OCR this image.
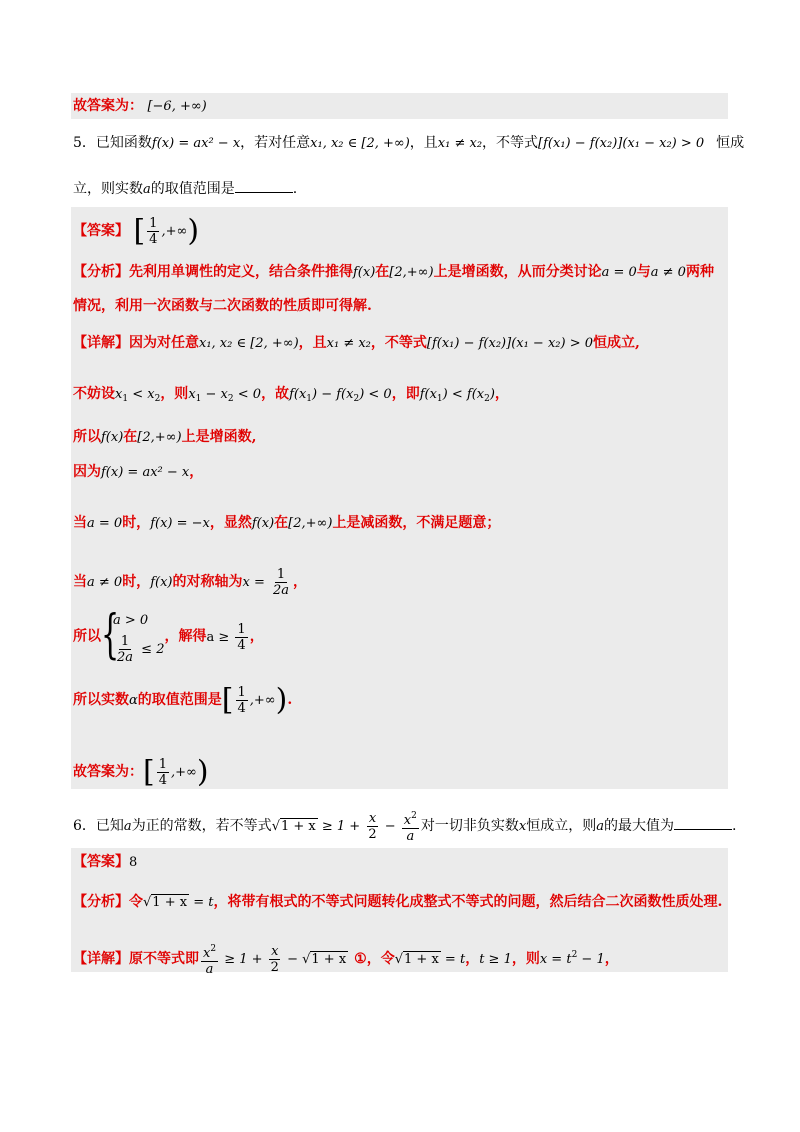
故答案为： [−6, +∞)
5．已知函数f(x) = ax² − x，若对任意x₁, x₂ ∈ [2, +∞)，且x₁ ≠ x₂，不等式[f(x₁) − f(x₂)](x₁ − x₂) > 0 恒成
立，则实数a的取值范围是	.
【答案】 [ $\frac{1}{4}$ ,+∞)
【分析】先利用单调性的定义，结合条件推得f(x)在[2,+∞)上是增函数，从而分类讨论a = 0与a ≠ 0两种
情况，利用一次函数与二次函数的性质即可得解.
【详解】因为对任意x₁, x₂ ∈ [2, +∞)，且x₁ ≠ x₂，不等式[f(x₁) − f(x₂)](x₁ − x₂) > 0恒成立,
不妨设$x_1 < x_2$，则$x_1 - x_2 < 0$，故$f(x_1) - f(x_2) < 0$，即$f(x_1) < f(x_2)$，
所以f(x)在[2,+∞)上是增函数,
因为f(x) = ax² − x，
当a = 0时，f(x) = −x，显然f(x)在[2,+∞)上是减函数，不满足题意；
当a ≠ 0时，f(x)的对称轴为$x = \frac{1}{2a}$ ，
所以 {
a > 0
$\frac{1}{2a} \le 2$
，解得$a \ge \frac{1}{4}$ ，
所以实数α的取值范围是[ $\frac{1}{4}$ ,+∞).
故答案为：[ $\frac{1}{4}$ ,+∞)
6．已知a为正的常数，若不等式$√1 + x \ge 1 + \frac{x}{2} - \frac{x^2}{a}$ 对一切非负实数x恒成立，则a的最大值为	.
【答案】8
【分析】令√1 + x = t，将带有根式的不等式问题转化成整式不等式的问题，然后结合二次函数性质处理.
【详解】原不等式即 $\frac{x^2}{a} \ge 1 + \frac{x}{2} - √1 + x$ ①，令√1 + x = t，t ≥ 1，则$x = t^2 - 1$，
